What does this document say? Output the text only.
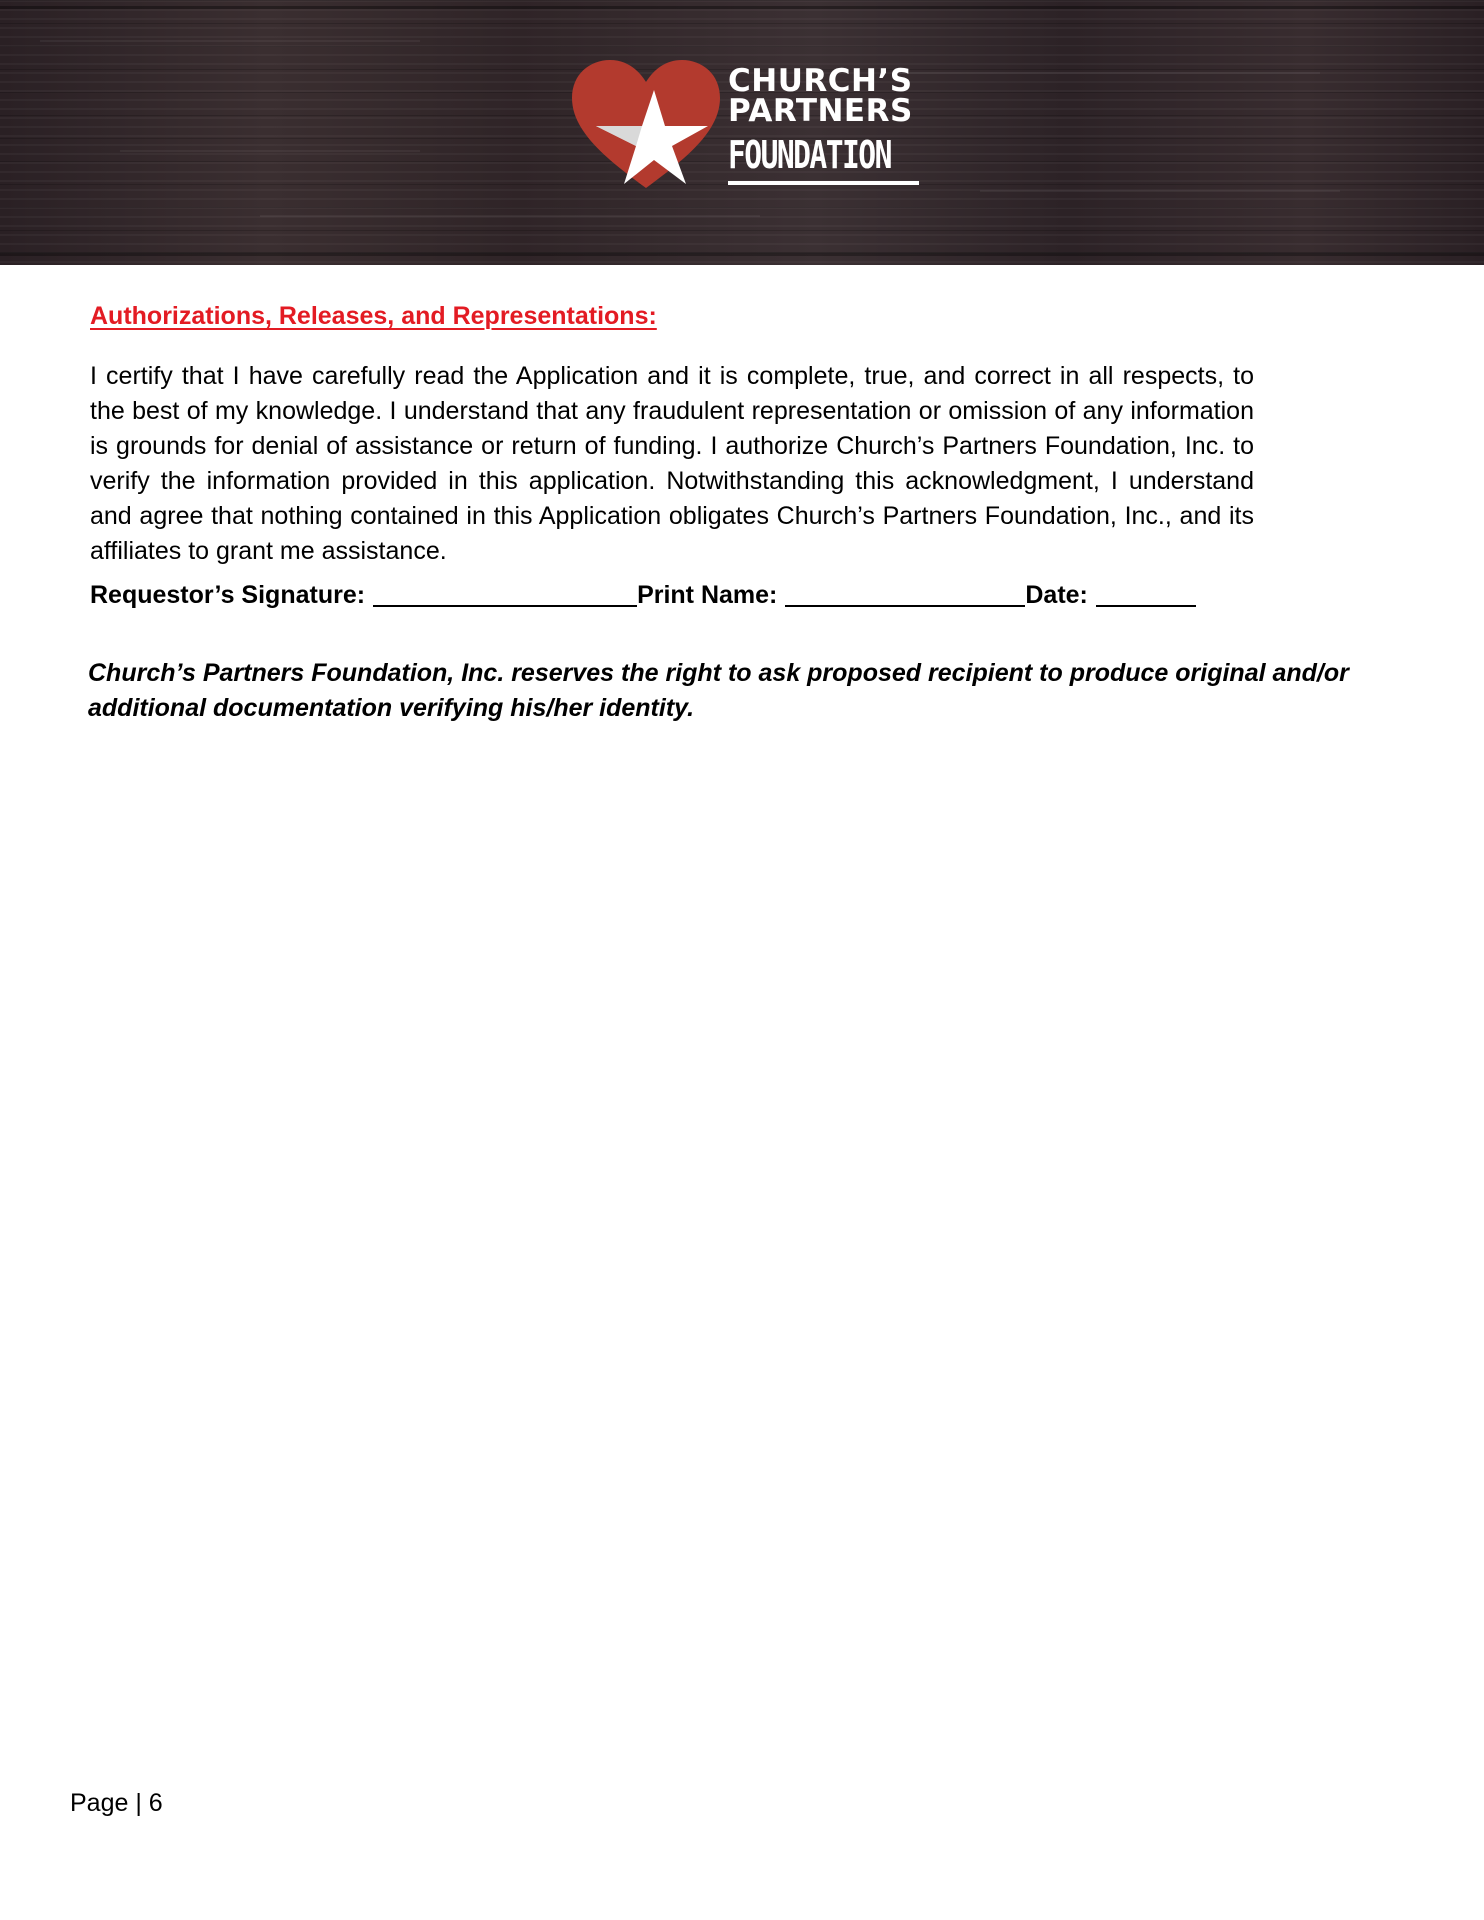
CHURCH’S
PARTNERS
FOUNDATION
Authorizations, Releases, and Representations:

I certify that I have carefully read the Application and it is complete, true, and correct in all respects, to the best of my knowledge. I understand that any fraudulent representation or omission of any information is grounds for denial of assistance or return of funding. I authorize Church’s Partners Foundation, Inc. to verify the information provided in this application. Notwithstanding this acknowledgment, I understand and agree that nothing contained in this Application obligates Church’s Partners Foundation, Inc., and its affiliates to grant me assistance.

Requestor’s Signature:	Print Name:	Date:

Church’s Partners Foundation, Inc. reserves the right to ask proposed recipient to produce original and/or additional documentation verifying his/her identity.

Page | 6
